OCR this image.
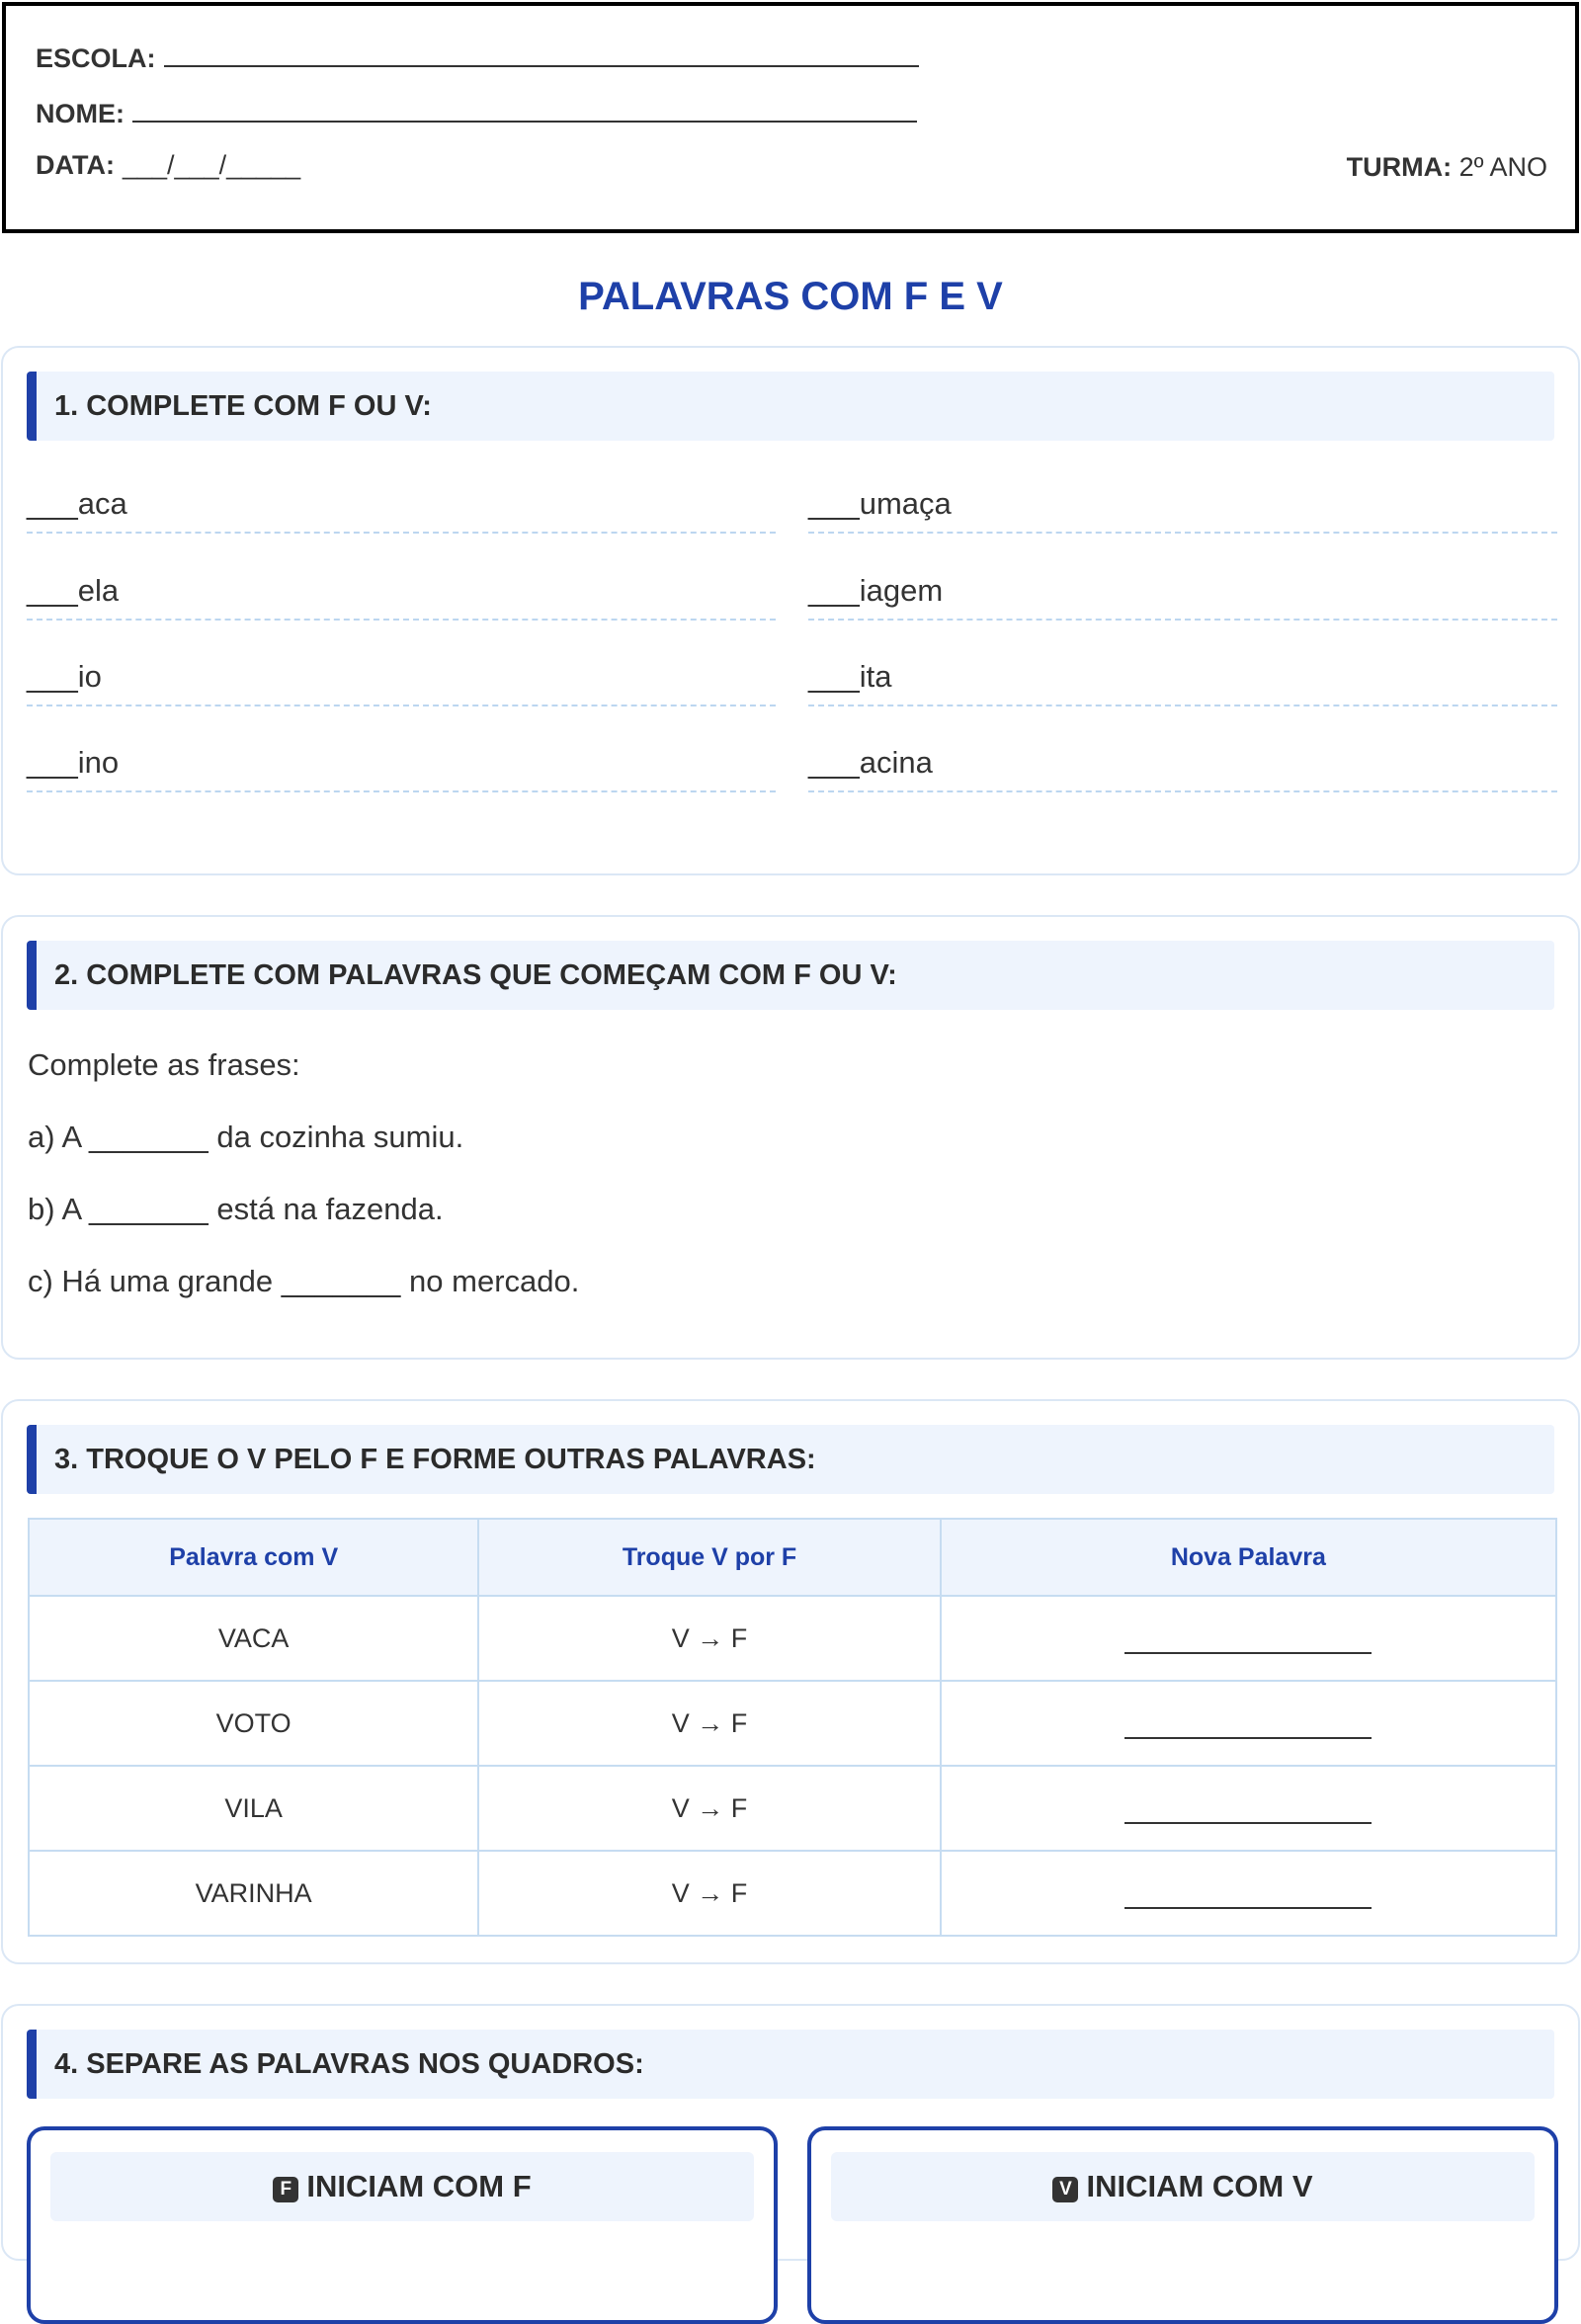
ESCOLA:
NOME:
DATA: ___/___/_____	TURMA: 2º ANO
PALAVRAS COM F E V
1. COMPLETE COM F OU V:
___aca
___ela
___io
___ino
___umaça
___iagem
___ita
___acina
2. COMPLETE COM PALAVRAS QUE COMEÇAM COM F OU V:
Complete as frases:
a) A _______ da cozinha sumiu.
b) A _______ está na fazenda.
c) Há uma grande _______ no mercado.
3. TROQUE O V PELO F E FORME OUTRAS PALAVRAS:
Palavra com V	Troque V por F	Nova Palavra
VACA	V → F	
VOTO	V → F	
VILA	V → F	
VARINHA	V → F	
4. SEPARE AS PALAVRAS NOS QUADROS:
F INICIAM COM F	V INICIAM COM V
